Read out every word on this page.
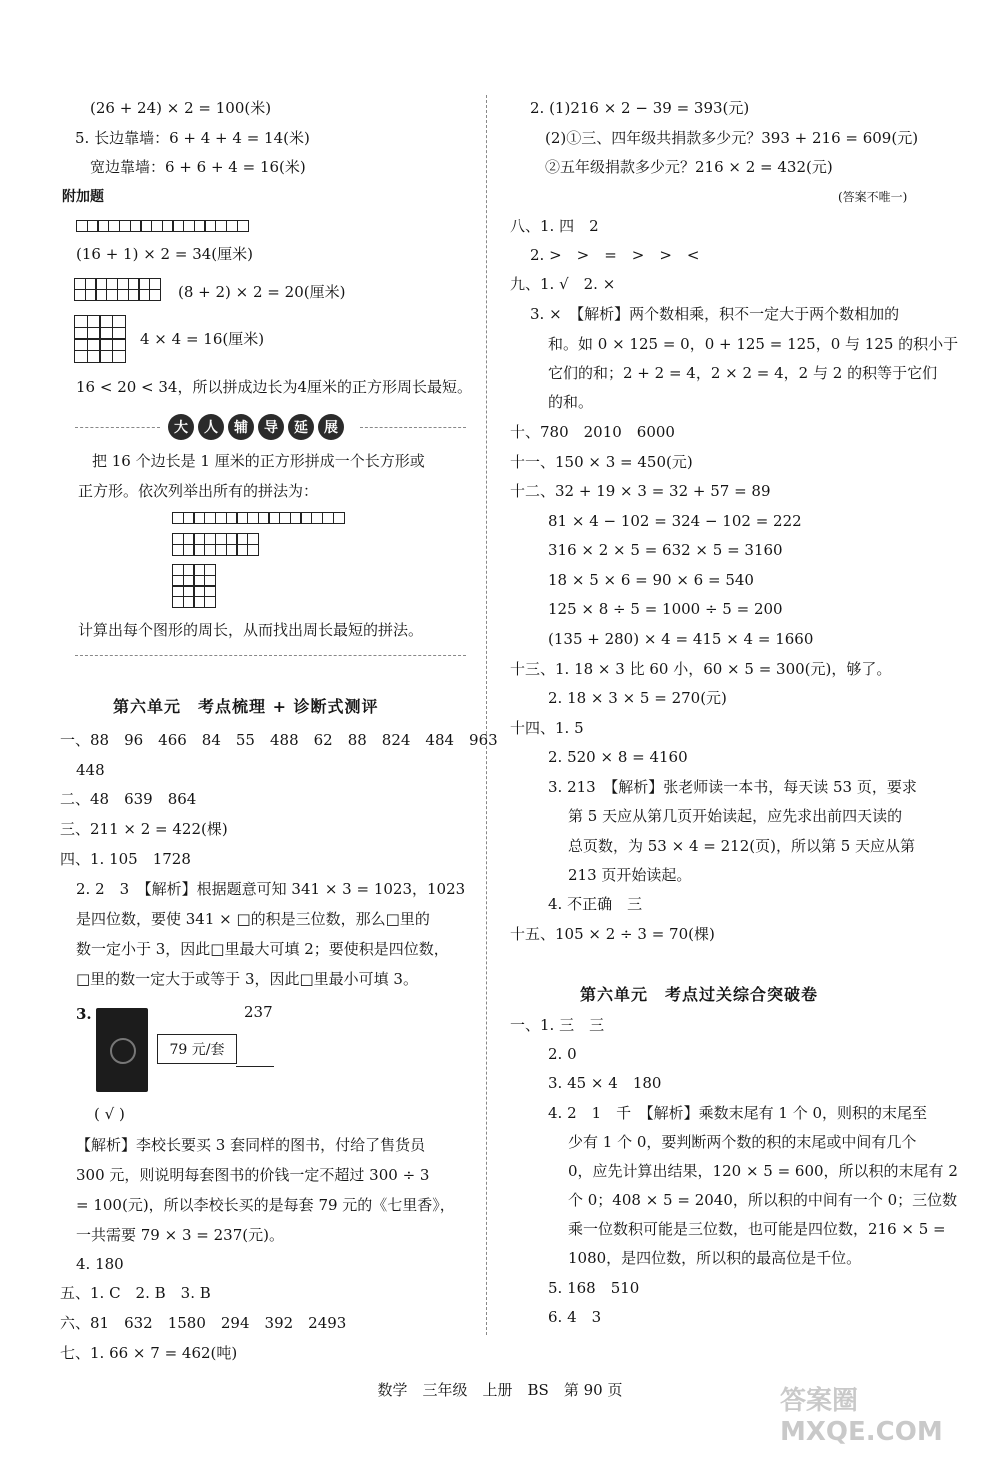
(26 + 24) × 2 = 100(米)
5. 长边靠墙：6 + 4 + 4 = 14(米)
宽边靠墙：6 + 6 + 4 = 16(米)
附加题
(16 + 1) × 2 = 34(厘米)
(8 + 2) × 2 = 20(厘米)
4 × 4 = 16(厘米)
16 < 20 < 34，所以拼成边长为4厘米的正方形周长最短。
大	人	辅	导	延	展
把 16 个边长是 1 厘米的正方形拼成一个长方形或
正方形。依次列举出所有的拼法为：
计算出每个图形的周长，从而找出周长最短的拼法。
第六单元　考点梳理 + 诊断式测评
一、88　96　466　84　55　488　62　88　824　484　963
448
二、48　639　864
三、211 × 2 = 422(棵)
四、1. 105　1728
2. 2　3　【解析】根据题意可知 341 × 3 = 1023，1023
是四位数，要使 341 × □的积是三位数，那么□里的
数一定小于 3，因此□里最大可填 2；要使积是四位数，
□里的数一定大于或等于 3，因此□里最小可填 3。
3.
79 元/套
237
( √ )
【解析】李校长要买 3 套同样的图书，付给了售货员
300 元，则说明每套图书的价钱一定不超过 300 ÷ 3
= 100(元)，所以李校长买的是每套 79 元的《七里香》，
一共需要 79 × 3 = 237(元)。
4. 180
五、1. C　2. B　3. B
六、81　632　1580　294　392　2493
七、1. 66 × 7 = 462(吨)
2. (1)216 × 2 − 39 = 393(元)
(2)①三、四年级共捐款多少元？393 + 216 = 609(元)
②五年级捐款多少元？216 × 2 = 432(元)
(答案不唯一)
八、1. 四　2
2. >　>　=　>　>　<
九、1. √　2. ×
3. ×　【解析】两个数相乘，积不一定大于两个数相加的
和。如 0 × 125 = 0，0 + 125 = 125，0 与 125 的积小于
它们的和；2 + 2 = 4，2 × 2 = 4，2 与 2 的积等于它们
的和。
十、780　2010　6000
十一、150 × 3 = 450(元)
十二、32 + 19 × 3 = 32 + 57 = 89
81 × 4 − 102 = 324 − 102 = 222
316 × 2 × 5 = 632 × 5 = 3160
18 × 5 × 6 = 90 × 6 = 540
125 × 8 ÷ 5 = 1000 ÷ 5 = 200
(135 + 280) × 4 = 415 × 4 = 1660
十三、1. 18 × 3 比 60 小，60 × 5 = 300(元)，够了。
2. 18 × 3 × 5 = 270(元)
十四、1. 5
2. 520 × 8 = 4160
3. 213　【解析】张老师读一本书，每天读 53 页，要求
第 5 天应从第几页开始读起，应先求出前四天读的
总页数，为 53 × 4 = 212(页)，所以第 5 天应从第
213 页开始读起。
4. 不正确　三
十五、105 × 2 ÷ 3 = 70(棵)
第六单元　考点过关综合突破卷
一、1. 三　三
2. 0
3. 45 × 4　180
4. 2　1　千　【解析】乘数末尾有 1 个 0，则积的末尾至
少有 1 个 0，要判断两个数的积的末尾或中间有几个
0，应先计算出结果，120 × 5 = 600，所以积的末尾有 2
个 0；408 × 5 = 2040，所以积的中间有一个 0；三位数
乘一位数积可能是三位数，也可能是四位数，216 × 5 =
1080，是四位数，所以积的最高位是千位。
5. 168　510
6. 4　3
数学　三年级　上册　BS　第 90 页	答案圈 MXQE.COM
